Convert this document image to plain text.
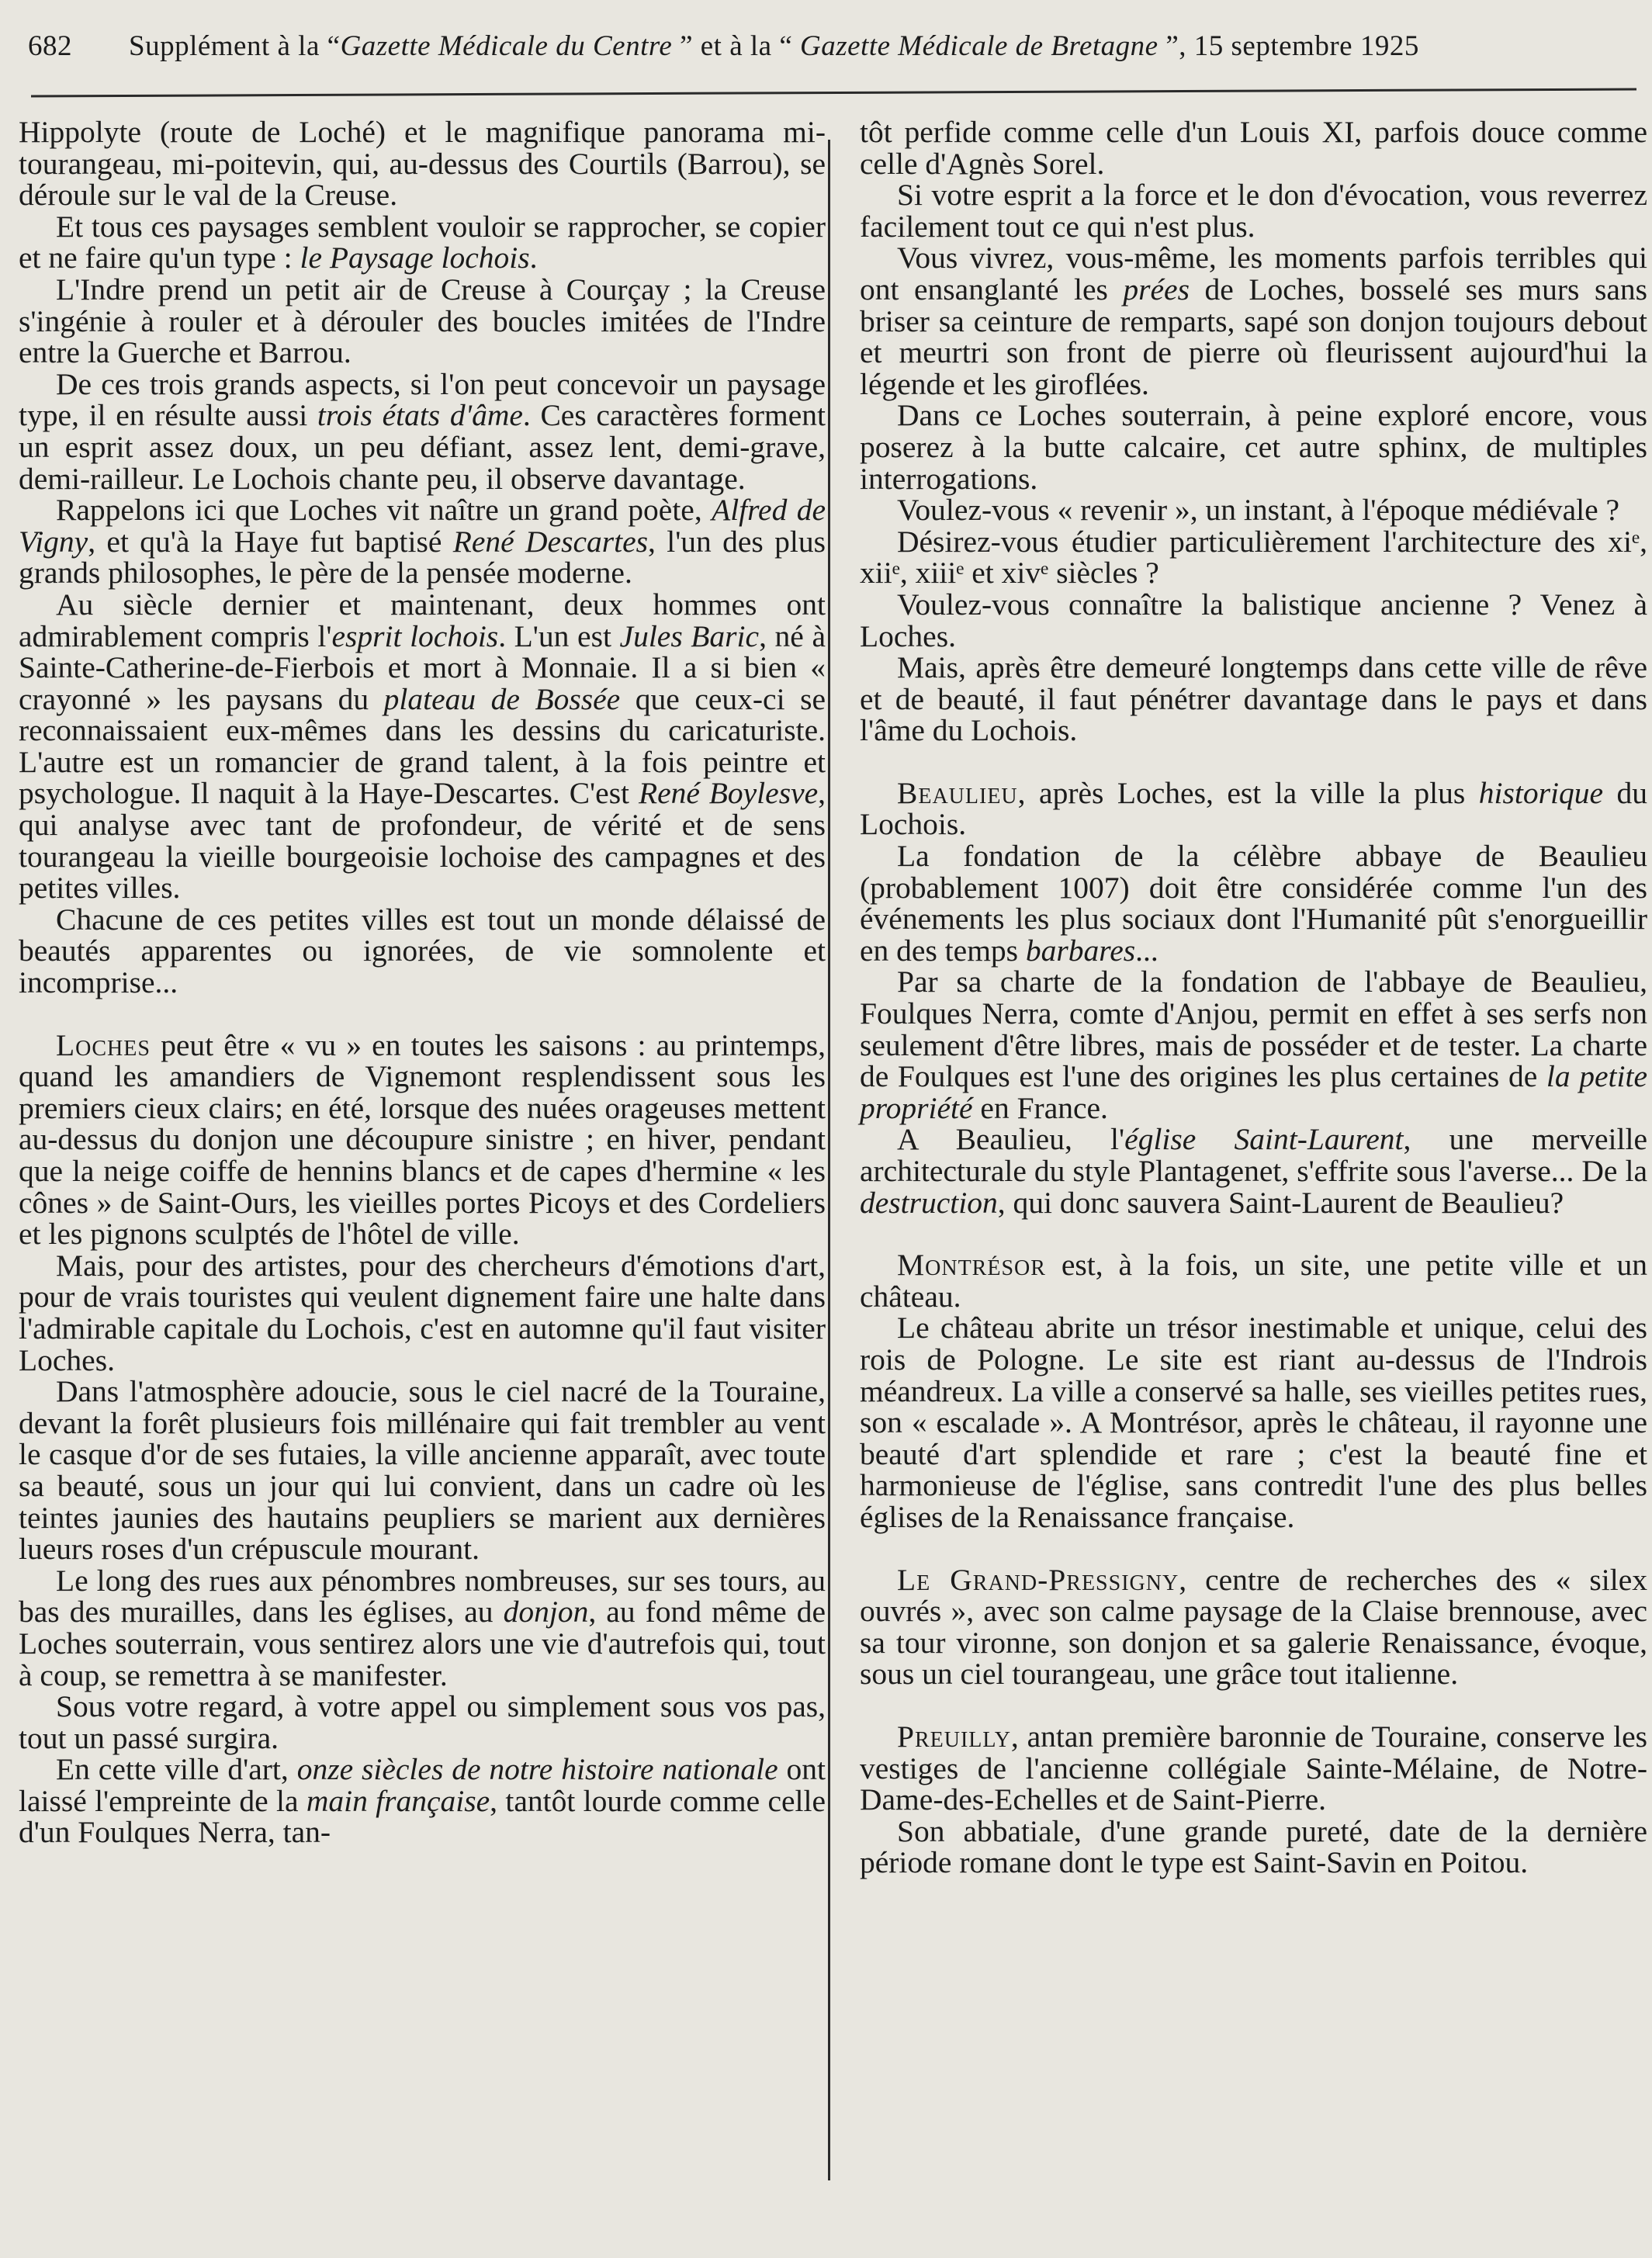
682 Supplément à la “Gazette Médicale du Centre ” et à la “ Gazette Médicale de Bretagne ”, 15 septembre 1925

Hippolyte (route de Loché) et le magnifique panorama mi-tourangeau, mi-poitevin, qui, au-dessus des Courtils (Barrou), se déroule sur le val de la Creuse.

Et tous ces paysages semblent vouloir se rapprocher, se copier et ne faire qu'un type : le Paysage lochois.

L'Indre prend un petit air de Creuse à Courçay ; la Creuse s'ingénie à rouler et à dérouler des boucles imitées de l'Indre entre la Guerche et Barrou.

De ces trois grands aspects, si l'on peut concevoir un paysage type, il en résulte aussi trois états d'âme. Ces caractères forment un esprit assez doux, un peu défiant, assez lent, demi-grave, demi-railleur. Le Lochois chante peu, il observe davantage.

Rappelons ici que Loches vit naître un grand poète, Alfred de Vigny, et qu'à la Haye fut baptisé René Descartes, l'un des plus grands philosophes, le père de la pensée moderne.

Au siècle dernier et maintenant, deux hommes ont admirablement compris l'esprit lochois. L'un est Jules Baric, né à Sainte-Catherine-de-Fierbois et mort à Monnaie. Il a si bien « crayonné » les paysans du plateau de Bossée que ceux-ci se reconnaissaient eux-mêmes dans les dessins du caricaturiste. L'autre est un romancier de grand talent, à la fois peintre et psychologue. Il naquit à la Haye-Descartes. C'est René Boylesve, qui analyse avec tant de profondeur, de vérité et de sens tourangeau la vieille bourgeoisie lochoise des campagnes et des petites villes.

Chacune de ces petites villes est tout un monde délaissé de beautés apparentes ou ignorées, de vie somnolente et incomprise...

Loches peut être « vu » en toutes les saisons : au printemps, quand les amandiers de Vignemont resplendissent sous les premiers cieux clairs; en été, lorsque des nuées orageuses mettent au-dessus du donjon une découpure sinistre ; en hiver, pendant que la neige coiffe de hennins blancs et de capes d'hermine « les cônes » de Saint-Ours, les vieilles portes Picoys et des Cordeliers et les pignons sculptés de l'hôtel de ville.

Mais, pour des artistes, pour des chercheurs d'émotions d'art, pour de vrais touristes qui veulent dignement faire une halte dans l'admirable capitale du Lochois, c'est en automne qu'il faut visiter Loches.

Dans l'atmosphère adoucie, sous le ciel nacré de la Touraine, devant la forêt plusieurs fois millénaire qui fait trembler au vent le casque d'or de ses futaies, la ville ancienne apparaît, avec toute sa beauté, sous un jour qui lui convient, dans un cadre où les teintes jaunies des hautains peupliers se marient aux dernières lueurs roses d'un crépuscule mourant.

Le long des rues aux pénombres nombreuses, sur ses tours, au bas des murailles, dans les églises, au donjon, au fond même de Loches souterrain, vous sentirez alors une vie d'autrefois qui, tout à coup, se remettra à se manifester.

Sous votre regard, à votre appel ou simplement sous vos pas, tout un passé surgira.

En cette ville d'art, onze siècles de notre histoire nationale ont laissé l'empreinte de la main française, tantôt lourde comme celle d'un Foulques Nerra, tan-

tôt perfide comme celle d'un Louis XI, parfois douce comme celle d'Agnès Sorel.

Si votre esprit a la force et le don d'évocation, vous reverrez facilement tout ce qui n'est plus.

Vous vivrez, vous-même, les moments parfois terribles qui ont ensanglanté les prées de Loches, bosselé ses murs sans briser sa ceinture de remparts, sapé son donjon toujours debout et meurtri son front de pierre où fleurissent aujourd'hui la légende et les giroflées.

Dans ce Loches souterrain, à peine exploré encore, vous poserez à la butte calcaire, cet autre sphinx, de multiples interrogations.

Voulez-vous « revenir », un instant, à l'époque médiévale ?

Désirez-vous étudier particulièrement l'architecture des xiᵉ, xiiᵉ, xiiiᵉ et xivᵉ siècles ?

Voulez-vous connaître la balistique ancienne ? Venez à Loches.

Mais, après être demeuré longtemps dans cette ville de rêve et de beauté, il faut pénétrer davantage dans le pays et dans l'âme du Lochois.

Beaulieu, après Loches, est la ville la plus historique du Lochois.

La fondation de la célèbre abbaye de Beaulieu (probablement 1007) doit être considérée comme l'un des événements les plus sociaux dont l'Humanité pût s'enorgueillir en des temps barbares...

Par sa charte de la fondation de l'abbaye de Beaulieu, Foulques Nerra, comte d'Anjou, permit en effet à ses serfs non seulement d'être libres, mais de posséder et de tester. La charte de Foulques est l'une des origines les plus certaines de la petite propriété en France.

A Beaulieu, l'église Saint-Laurent, une merveille architecturale du style Plantagenet, s'effrite sous l'averse... De la destruction, qui donc sauvera Saint-Laurent de Beaulieu?

Montrésor est, à la fois, un site, une petite ville et un château.

Le château abrite un trésor inestimable et unique, celui des rois de Pologne. Le site est riant au-dessus de l'Indrois méandreux. La ville a conservé sa halle, ses vieilles petites rues, son « escalade ». A Montrésor, après le château, il rayonne une beauté d'art splendide et rare ; c'est la beauté fine et harmonieuse de l'église, sans contredit l'une des plus belles églises de la Renaissance française.

Le Grand-Pressigny, centre de recherches des « silex ouvrés », avec son calme paysage de la Claise brennouse, avec sa tour vironne, son donjon et sa galerie Renaissance, évoque, sous un ciel tourangeau, une grâce tout italienne.

Preuilly, antan première baronnie de Touraine, conserve les vestiges de l'ancienne collégiale Sainte-Mélaine, de Notre-Dame-des-Echelles et de Saint-Pierre.

Son abbatiale, d'une grande pureté, date de la dernière période romane dont le type est Saint-Savin en Poitou.
